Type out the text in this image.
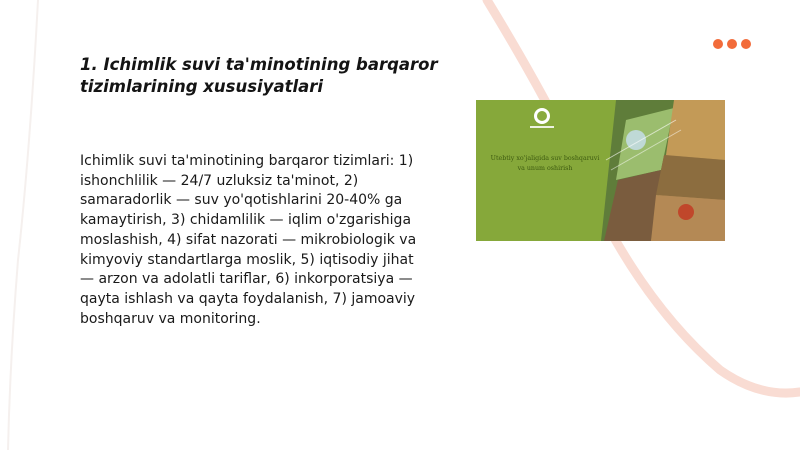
1. Ichimlik suvi ta'minotining barqaror tizimlarining xususiyatlari

Ichimlik suvi ta'minotining barqaror tizimlari: 1) ishonchlilik — 24/7 uzluksiz ta'minot, 2) samaradorlik — suv yo'qotishlarini 20-40% ga kamaytirish, 3) chidamlilik — iqlim o'zgarishiga moslashish, 4) sifat nazorati — mikrobiologik va kimyoviy standartlarga moslik, 5) iqtisodiy jihat — arzon va adolatli tariflar, 6) inkorporatsiya — qayta ishlash va qayta foydalanish, 7) jamoaviy boshqaruv va monitoring.

Utebtiy xo'jaligida suv boshqaruvi va unum oshirish
